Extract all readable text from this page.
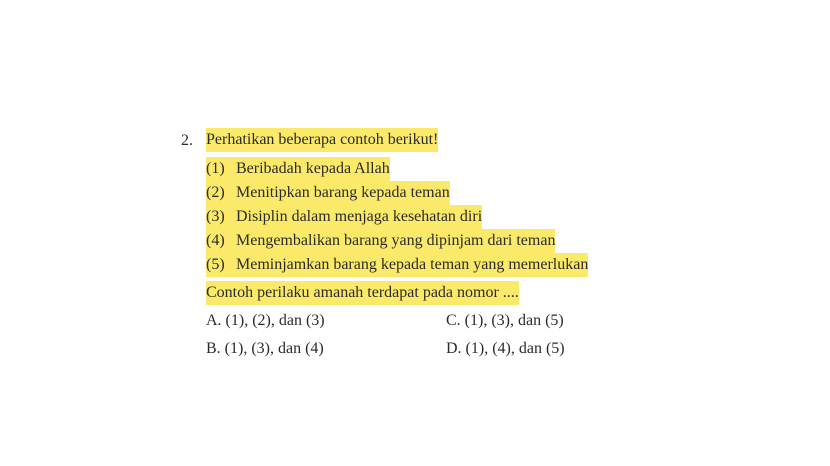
2. Perhatikan beberapa contoh berikut!
(1) Beribadah kepada Allah
(2) Menitipkan barang kepada teman
(3) Disiplin dalam menjaga kesehatan diri
(4) Mengembalikan barang yang dipinjam dari teman
(5) Meminjamkan barang kepada teman yang memerlukan
Contoh perilaku amanah terdapat pada nomor ....
A. (1), (2), dan (3)	C. (1), (3), dan (5)
B. (1), (3), dan (4)	D. (1), (4), dan (5)
